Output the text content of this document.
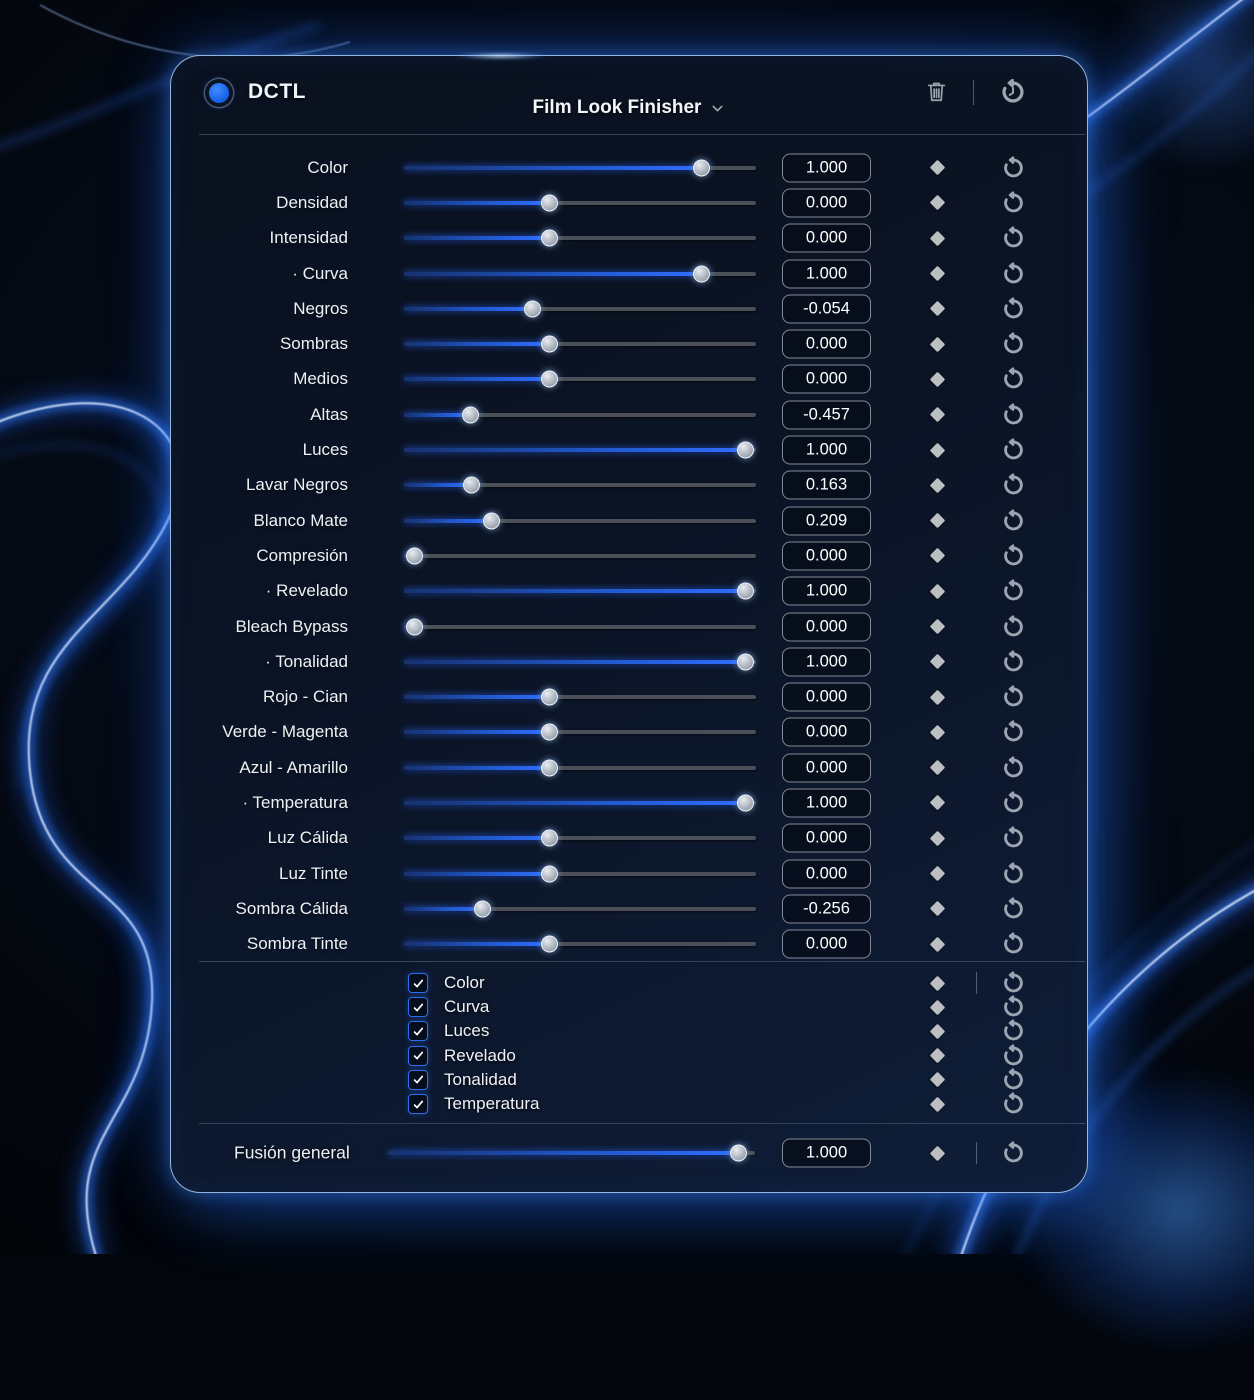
DCTL
Film Look Finisher
Color	1.000
Densidad	0.000
Intensidad	0.000
· Curva	1.000
Negros	-0.054
Sombras	0.000
Medios	0.000
Altas	-0.457
Luces	1.000
Lavar Negros	0.163
Blanco Mate	0.209
Compresión	0.000
· Revelado	1.000
Bleach Bypass	0.000
· Tonalidad	1.000
Rojo - Cian	0.000
Verde - Magenta	0.000
Azul - Amarillo	0.000
· Temperatura	1.000
Luz Cálida	0.000
Luz Tinte	0.000
Sombra Cálida	-0.256
Sombra Tinte	0.000
Color
Curva
Luces
Revelado
Tonalidad
Temperatura
Fusión general	1.000
